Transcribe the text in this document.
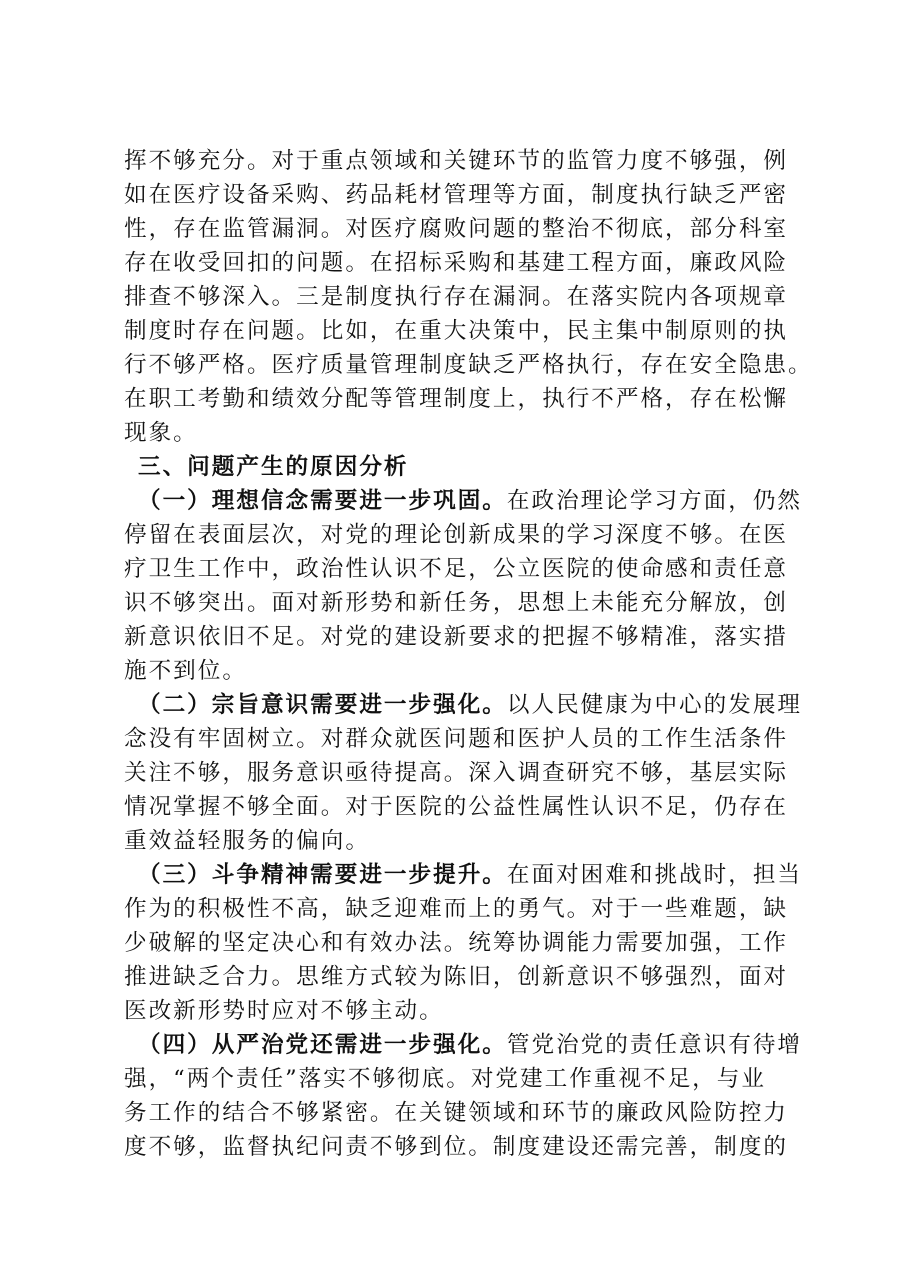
挥不够充分。对于重点领域和关键环节的监管力度不够强，例
如在医疗设备采购、药品耗材管理等方面，制度执行缺乏严密
性，存在监管漏洞。对医疗腐败问题的整治不彻底，部分科室
存在收受回扣的问题。在招标采购和基建工程方面，廉政风险
排查不够深入。三是制度执行存在漏洞。在落实院内各项规章
制度时存在问题。比如，在重大决策中，民主集中制原则的执
行不够严格。医疗质量管理制度缺乏严格执行，存在安全隐患。
在职工考勤和绩效分配等管理制度上，执行不严格，存在松懈
现象。
三、问题产生的原因分析
（一）理想信念需要进一步巩固。在政治理论学习方面，仍然
停留在表面层次，对党的理论创新成果的学习深度不够。在医
疗卫生工作中，政治性认识不足，公立医院的使命感和责任意
识不够突出。面对新形势和新任务，思想上未能充分解放，创
新意识依旧不足。对党的建设新要求的把握不够精准，落实措
施不到位。
（二）宗旨意识需要进一步强化。以人民健康为中心的发展理
念没有牢固树立。对群众就医问题和医护人员的工作生活条件
关注不够，服务意识亟待提高。深入调查研究不够，基层实际
情况掌握不够全面。对于医院的公益性属性认识不足，仍存在
重效益轻服务的偏向。
（三）斗争精神需要进一步提升。在面对困难和挑战时，担当
作为的积极性不高，缺乏迎难而上的勇气。对于一些难题，缺
少破解的坚定决心和有效办法。统筹协调能力需要加强，工作
推进缺乏合力。思维方式较为陈旧，创新意识不够强烈，面对
医改新形势时应对不够主动。
（四）从严治党还需进一步强化。管党治党的责任意识有待增
强，“两个责任”落实不够彻底。对党建工作重视不足，与业
务工作的结合不够紧密。在关键领域和环节的廉政风险防控力
度不够，监督执纪问责不够到位。制度建设还需完善，制度的
